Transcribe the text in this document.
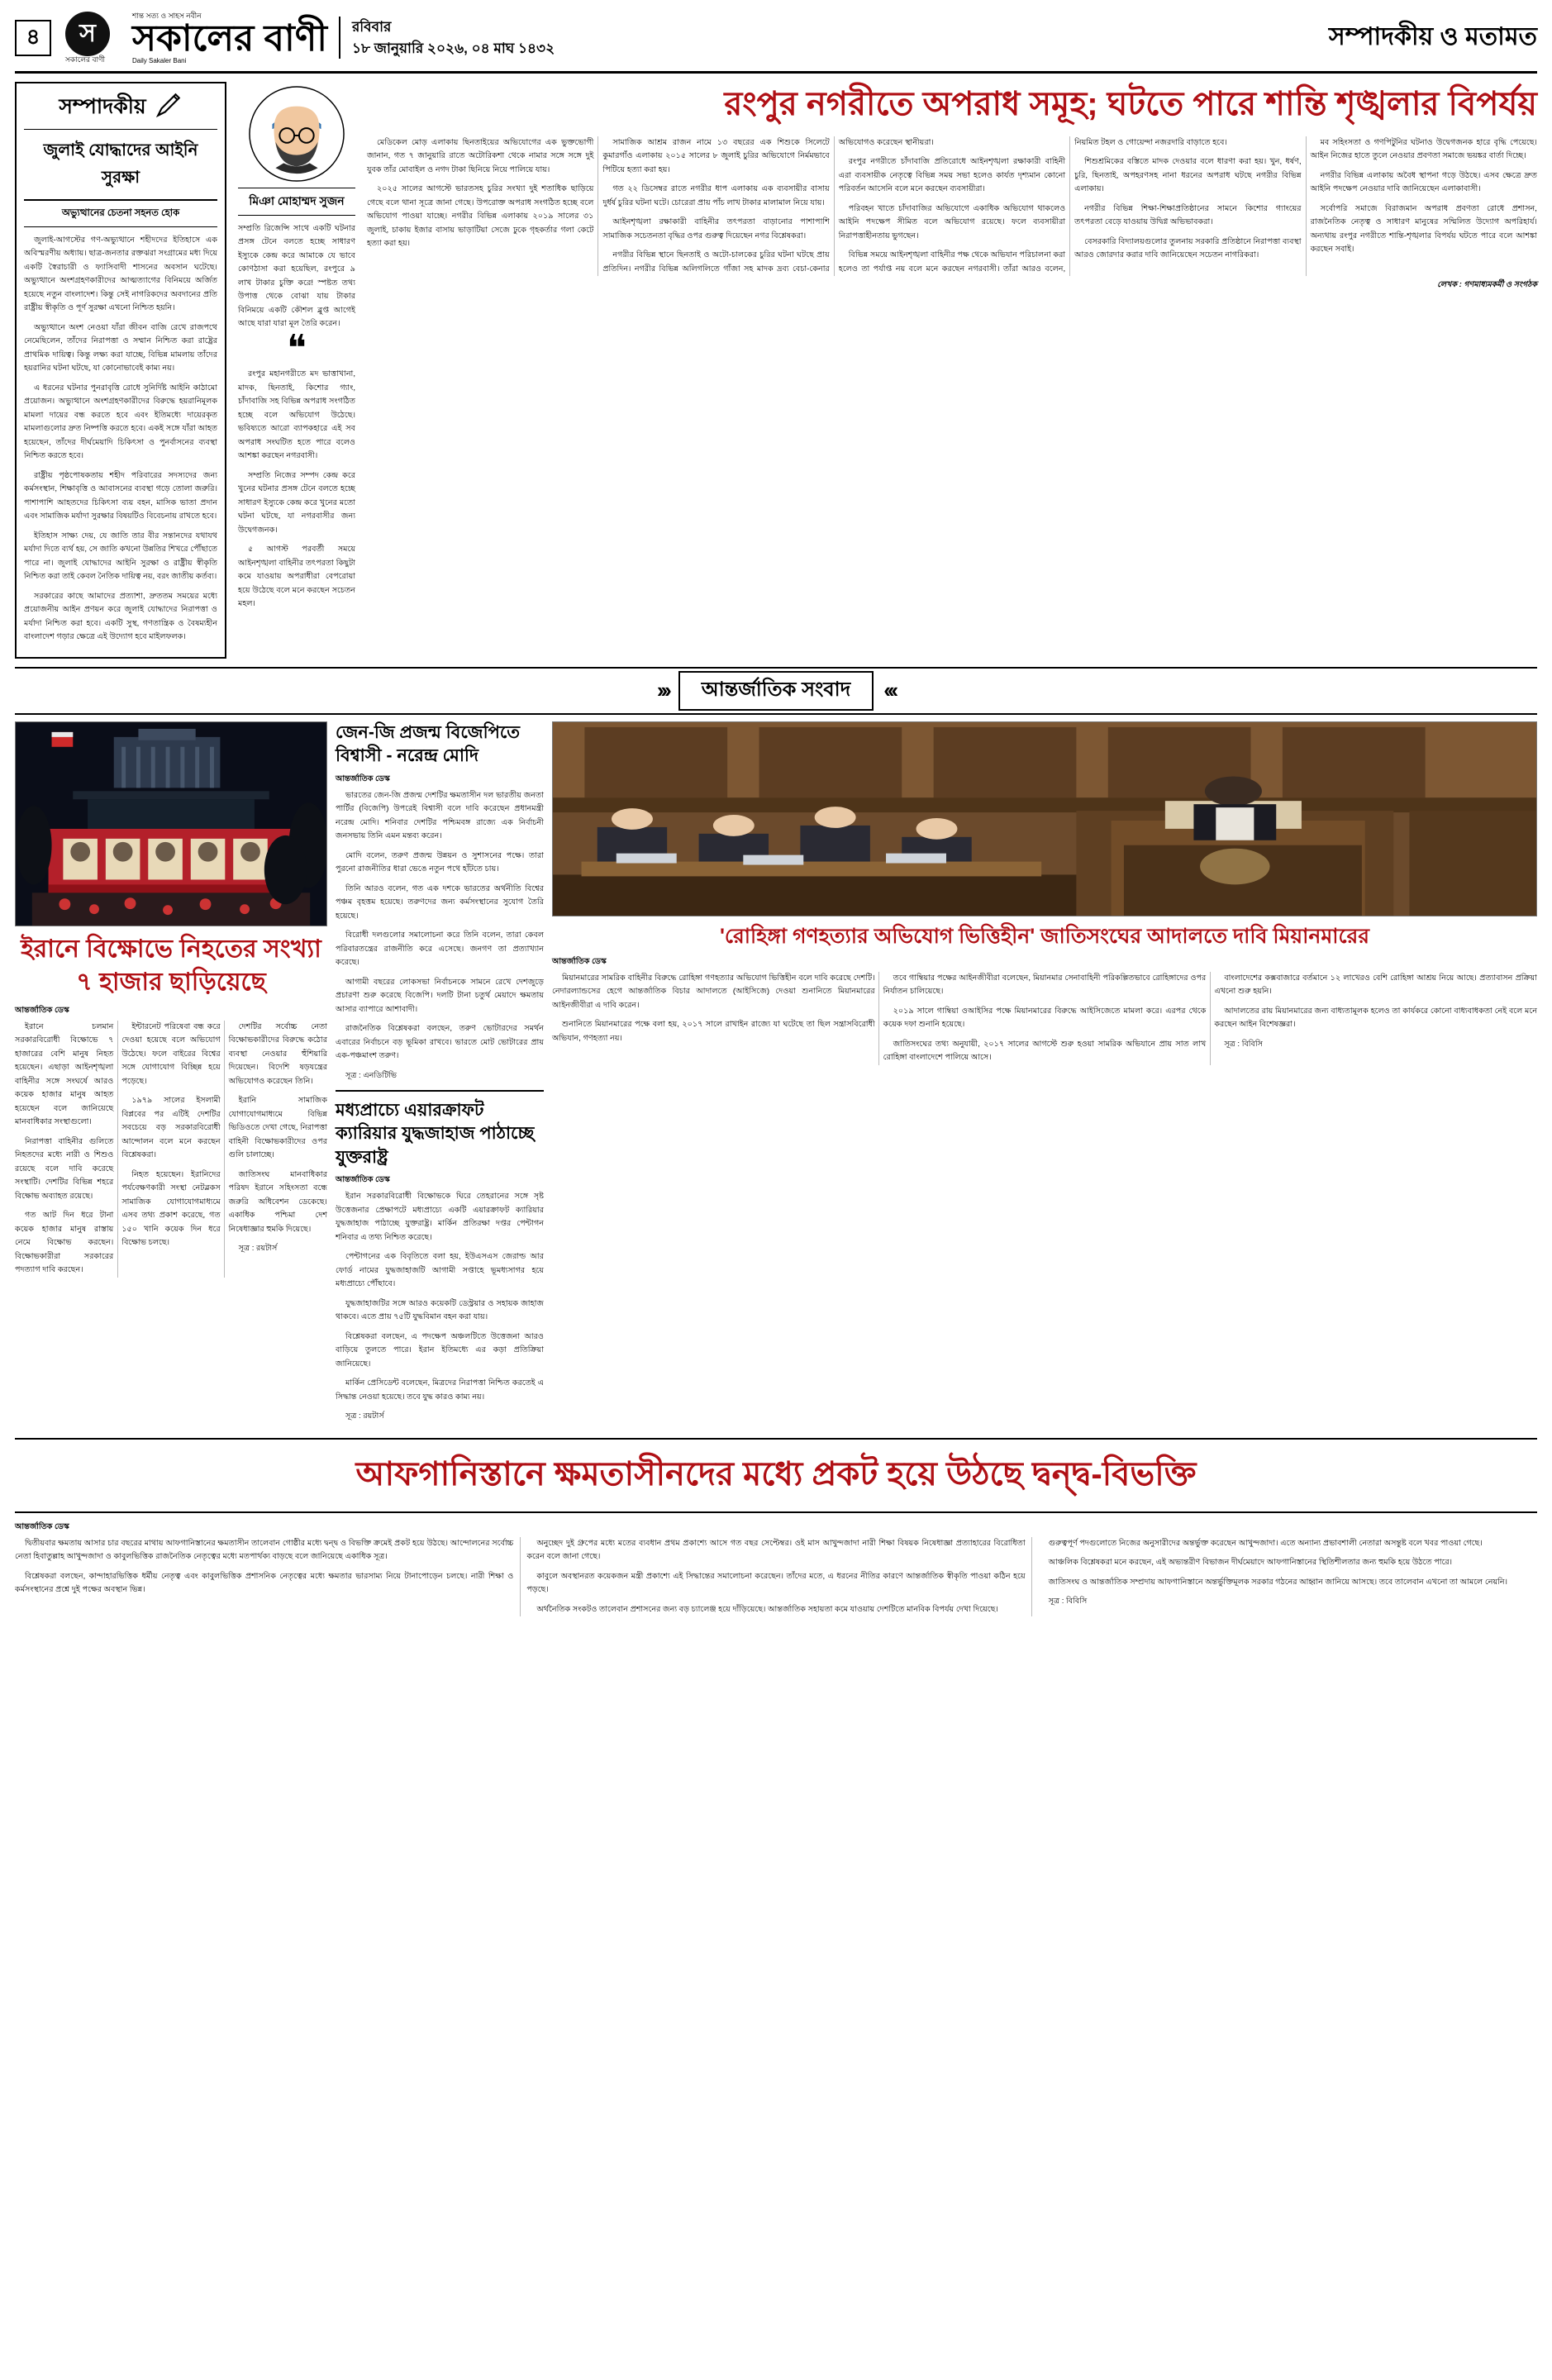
৪	স
সকালের বাণী
শান্ত সত্য ও সাহস নবীন
সকালের বাণী
Daily Sakaler Bani
রবিবার
১৮ জানুয়ারি ২০২৬, ০৪ মাঘ ১৪৩২	সম্পাদকীয় ও মতামত
সম্পাদকীয়
জুলাই যোদ্ধাদের আইনি সুরক্ষা
অভ্যুত্থানের চেতনা সহনত হোক

জুলাই-আগস্টের গণ-অভ্যুত্থানে শহীদদের ইতিহাসে এক অবিস্মরণীয় অধ্যায়। ছাত্র-জনতার রক্তঝরা সংগ্রামের মধ্য দিয়ে একটি স্বৈরাচারী ও ফ্যাসিবাদী শাসনের অবসান ঘটেছে। অভ্যুত্থানে অংশগ্রহণকারীদের আত্মত্যাগের বিনিময়ে অর্জিত হয়েছে নতুন বাংলাদেশ। কিন্তু সেই নাগরিকদের অবদানের প্রতি রাষ্ট্রীয় স্বীকৃতি ও পূর্ণ সুরক্ষা এখনো নিশ্চিত হয়নি।

অভ্যুত্থানে অংশ নেওয়া যাঁরা জীবন বাজি রেখে রাজপথে নেমেছিলেন, তাঁদের নিরাপত্তা ও সম্মান নিশ্চিত করা রাষ্ট্রের প্রাথমিক দায়িত্ব। কিন্তু লক্ষ্য করা যাচ্ছে, বিভিন্ন মামলায় তাঁদের হয়রানির ঘটনা ঘটছে, যা কোনোভাবেই কাম্য নয়।

এ ধরনের ঘটনার পুনরাবৃত্তি রোধে সুনির্দিষ্ট আইনি কাঠামো প্রয়োজন। অভ্যুত্থানে অংশগ্রহণকারীদের বিরুদ্ধে হয়রানিমূলক মামলা দায়ের বন্ধ করতে হবে এবং ইতিমধ্যে দায়েরকৃত মামলাগুলোর দ্রুত নিষ্পত্তি করতে হবে। একই সঙ্গে যাঁরা আহত হয়েছেন, তাঁদের দীর্ঘমেয়াদি চিকিৎসা ও পুনর্বাসনের ব্যবস্থা নিশ্চিত করতে হবে।

রাষ্ট্রীয় পৃষ্ঠপোষকতায় শহীদ পরিবারের সদস্যদের জন্য কর্মসংস্থান, শিক্ষাবৃত্তি ও আবাসনের ব্যবস্থা গড়ে তোলা জরুরি। পাশাপাশি আহতদের চিকিৎসা ব্যয় বহন, মাসিক ভাতা প্রদান এবং সামাজিক মর্যাদা সুরক্ষার বিষয়টিও বিবেচনায় রাখতে হবে।

ইতিহাস সাক্ষ্য দেয়, যে জাতি তার বীর সন্তানদের যথাযথ মর্যাদা দিতে ব্যর্থ হয়, সে জাতি কখনো উন্নতির শিখরে পৌঁছাতে পারে না। জুলাই যোদ্ধাদের আইনি সুরক্ষা ও রাষ্ট্রীয় স্বীকৃতি নিশ্চিত করা তাই কেবল নৈতিক দায়িত্ব নয়, বরং জাতীয় কর্তব্য।

সরকারের কাছে আমাদের প্রত্যাশা, দ্রুততম সময়ের মধ্যে প্রয়োজনীয় আইন প্রণয়ন করে জুলাই যোদ্ধাদের নিরাপত্তা ও মর্যাদা নিশ্চিত করা হবে। একটি সুস্থ, গণতান্ত্রিক ও বৈষম্যহীন বাংলাদেশ গড়ার ক্ষেত্রে এই উদ্যোগ হবে মাইলফলক।

মিঞা মোহাম্মদ সুজন
সম্প্রতি রিজেন্সি সাথে একটি ঘটনার প্রসঙ্গ টেনে বলতে হচ্ছে সাধারণ ইস্যুকে কেন্দ্র করে আমাকে যে ভাবে কোণঠাসা করা হয়েছিল, রংপুরে ৯ লাখ টাকার চুক্তি করে! স্পষ্টত তথ্য উপাত্ত থেকে বোঝা যায় টাকার বিনিময়ে একটি কৌশল ব্লুপ্ত আগেই আছে যারা যারা মূল তৈরি করেন।
❝

রংপুর মহানগরীতে মদ ভাত্তাখানা, মাদক, ছিনতাই, কিশোর গ্যাং, চাঁদাবাজি সহ বিভিন্ন অপরাধ সংগঠিত হচ্ছে বলে অভিযোগ উঠেছে। ভবিষ্যতে আরো ব্যাপকহারে এই সব অপরাধ সংঘটিত হতে পারে বলেও আশঙ্কা করছেন নগরবাসী।

সম্প্রতি নিজের সম্পদ কেন্দ্র করে খুনের ঘটনার প্রসঙ্গ টেনে বলতে হচ্ছে সাধারণ ইস্যুকে কেন্দ্র করে খুনের মতো ঘটনা ঘটছে, যা নগরবাসীর জন্য উদ্বেগজনক।

৫ আগস্ট পরবর্তী সময়ে আইনশৃঙ্খলা বাহিনীর তৎপরতা কিছুটা কমে যাওয়ায় অপরাধীরা বেপরোয়া হয়ে উঠেছে বলে মনে করছেন সচেতন মহল।

রংপুর নগরীতে অপরাধ সমূহ; ঘটতে পারে শান্তি শৃঙ্খলার বিপর্যয়

মেডিকেল মোড় এলাকায় ছিনতাইয়ের অভিযোগের এক ভুক্তভোগী জানান, গত ৭ জানুয়ারি রাতে অটোরিকশা থেকে নামার সঙ্গে সঙ্গে দুই যুবক তাঁর মোবাইল ও নগদ টাকা ছিনিয়ে নিয়ে পালিয়ে যায়।

২০২৫ সালের আগস্টে ভারতসহ চুরির সংখ্যা দুই শতাধিক ছাড়িয়ে গেছে বলে থানা সূত্রে জানা গেছে। উপরোক্ত অপরাধ সংগঠিত হচ্ছে বলে অভিযোগ পাওয়া যাচ্ছে। নগরীর বিভিন্ন এলাকায় ২০১৯ সালের ৩১ জুলাই, চাকায় ইজার বাসায় ভাড়াটিয়া সেজে ঢুকে গৃহকর্তার গলা কেটে হত্যা করা হয়।

সামাজিক আশ্রম রাজন নামে ১৩ বছরের এক শিশুকে সিলেটে কুমারগাঁও এলাকায় ২০১৫ সালের ৮ জুলাই চুরির অভিযোগে নির্মমভাবে পিটিয়ে হত্যা করা হয়।

গত ২২ ডিসেম্বর রাতে নগরীর ধাপ এলাকায় এক ব্যবসায়ীর বাসায় দুর্ধর্ষ চুরির ঘটনা ঘটে। চোরেরা প্রায় পাঁচ লাখ টাকার মালামাল নিয়ে যায়।

আইনশৃঙ্খলা রক্ষাকারী বাহিনীর তৎপরতা বাড়ানোর পাশাপাশি সামাজিক সচেতনতা বৃদ্ধির ওপর গুরুত্ব দিয়েছেন নগর বিশ্লেষকরা।

নগরীর বিভিন্ন স্থানে ছিনতাই ও অটো-চালকের চুরির ঘটনা ঘটছে প্রায় প্রতিদিন। নগরীর বিভিন্ন অলিগলিতে গাঁজা সহ মাদক দ্রব্য বেচা-কেনার অভিযোগও করেছেন স্থানীয়রা।

রংপুর নগরীতে চাঁদাবাজি প্রতিরোধে আইনশৃঙ্খলা রক্ষাকারী বাহিনী এরা ব্যবসায়ীক নেতৃত্বে বিভিন্ন সময় সভা হলেও কার্যত দৃশ্যমান কোনো পরিবর্তন আসেনি বলে মনে করছেন ব্যবসায়ীরা।

পরিবহন খাতে চাঁদাবাজির অভিযোগে একাধিক অভিযোগ থাকলেও আইনি পদক্ষেপ সীমিত বলে অভিযোগ রয়েছে। ফলে ব্যবসায়ীরা নিরাপত্তাহীনতায় ভুগছেন।

বিভিন্ন সময়ে আইনশৃঙ্খলা বাহিনীর পক্ষ থেকে অভিযান পরিচালনা করা হলেও তা পর্যাপ্ত নয় বলে মনে করছেন নগরবাসী। তাঁরা আরও বলেন, নিয়মিত টহল ও গোয়েন্দা নজরদারি বাড়াতে হবে।

শিশুশ্রমিকের বস্তিতে মাদক দেওয়ার বলে ধারণা করা হয়। খুন, ধর্ষণ, চুরি, ছিনতাই, অপহরণসহ নানা ধরনের অপরাধ ঘটছে নগরীর বিভিন্ন এলাকায়।

নগরীর বিভিন্ন শিক্ষা-শিক্ষাপ্রতিষ্ঠানের সামনে কিশোর গ্যাংয়ের তৎপরতা বেড়ে যাওয়ায় উদ্বিগ্ন অভিভাবকরা।

বেসরকারি বিদ্যালয়গুলোর তুলনায় সরকারি প্রতিষ্ঠানে নিরাপত্তা ব্যবস্থা আরও জোরদার করার দাবি জানিয়েছেন সচেতন নাগরিকরা।

মব সহিংসতা ও গণপিটুনির ঘটনাও উদ্বেগজনক হারে বৃদ্ধি পেয়েছে। আইন নিজের হাতে তুলে নেওয়ার প্রবণতা সমাজে ভয়ঙ্কর বার্তা দিচ্ছে।

নগরীর বিভিন্ন এলাকায় অবৈধ স্থাপনা গড়ে উঠছে। এসব ক্ষেত্রে দ্রুত আইনি পদক্ষেপ নেওয়ার দাবি জানিয়েছেন এলাকাবাসী।

সর্বোপরি সমাজে বিরাজমান অপরাধ প্রবণতা রোধে প্রশাসন, রাজনৈতিক নেতৃত্ব ও সাধারণ মানুষের সম্মিলিত উদ্যোগ অপরিহার্য। অন্যথায় রংপুর নগরীতে শান্তি-শৃঙ্খলার বিপর্যয় ঘটতে পারে বলে আশঙ্কা করছেন সবাই।

লেখক : গণমাধ্যমকর্মী ও সংগঠক
›››	আন্তর্জাতিক সংবাদ	‹‹‹
ইরানে বিক্ষোভে নিহতের সংখ্যা ৭ হাজার ছাড়িয়েছে
আন্তর্জাতিক ডেস্ক

ইরানে চলমান সরকারবিরোধী বিক্ষোভে ৭ হাজারের বেশি মানুষ নিহত হয়েছেন। এছাড়া আইনশৃঙ্খলা বাহিনীর সঙ্গে সংঘর্ষে আরও কয়েক হাজার মানুষ আহত হয়েছেন বলে জানিয়েছে মানবাধিকার সংস্থাগুলো।

নিরাপত্তা বাহিনীর গুলিতে নিহতদের মধ্যে নারী ও শিশুও রয়েছে বলে দাবি করেছে সংস্থাটি। দেশটির বিভিন্ন শহরে বিক্ষোভ অব্যাহত রয়েছে।

গত আট দিন ধরে টানা কয়েক হাজার মানুষ রাস্তায় নেমে বিক্ষোভ করছেন। বিক্ষোভকারীরা সরকারের পদত্যাগ দাবি করছেন।

ইন্টারনেট পরিষেবা বন্ধ করে দেওয়া হয়েছে বলে অভিযোগ উঠেছে। ফলে বাইরের বিশ্বের সঙ্গে যোগাযোগ বিচ্ছিন্ন হয়ে পড়েছে।

১৯৭৯ সালের ইসলামী বিপ্লবের পর এটিই দেশটির সবচেয়ে বড় সরকারবিরোধী আন্দোলন বলে মনে করছেন বিশ্লেষকরা।

নিহত হয়েছেন। ইরানিদের পর্যবেক্ষণকারী সংস্থা নেটব্লকস সামাজিক যোগাযোগমাধ্যমে এসব তথ্য প্রকাশ করেছে, গত ১৫০ খানি কয়েক দিন ধরে বিক্ষোভ চলছে।

দেশটির সর্বোচ্চ নেতা বিক্ষোভকারীদের বিরুদ্ধে কঠোর ব্যবস্থা নেওয়ার হুঁশিয়ারি দিয়েছেন। বিদেশি ষড়যন্ত্রের অভিযোগও করেছেন তিনি।

ইরানি সামাজিক যোগাযোগমাধ্যমে বিভিন্ন ভিডিওতে দেখা গেছে, নিরাপত্তা বাহিনী বিক্ষোভকারীদের ওপর গুলি চালাচ্ছে।

জাতিসংঘ মানবাধিকার পরিষদ ইরানে সহিংসতা বন্ধে জরুরি অধিবেশন ডেকেছে। একাধিক পশ্চিমা দেশ নিষেধাজ্ঞার হুমকি দিয়েছে।

সূত্র : রয়টার্স

জেন-জি প্রজন্ম বিজেপিতে বিশ্বাসী - নরেন্দ্র মোদি
আন্তর্জাতিক ডেস্ক

ভারতের জেন-জি প্রজন্ম দেশটির ক্ষমতাসীন দল ভারতীয় জনতা পার্টির (বিজেপি) উপরেই বিশ্বাসী বলে দাবি করেছেন প্রধানমন্ত্রী নরেন্দ্র মোদি। শনিবার দেশটির পশ্চিমবঙ্গ রাজ্যে এক নির্বাচনী জনসভায় তিনি এমন মন্তব্য করেন।

মোদি বলেন, তরুণ প্রজন্ম উন্নয়ন ও সুশাসনের পক্ষে। তারা পুরনো রাজনীতির ধারা ভেঙে নতুন পথে হাঁটতে চায়।

তিনি আরও বলেন, গত এক দশকে ভারতের অর্থনীতি বিশ্বের পঞ্চম বৃহত্তম হয়েছে। তরুণদের জন্য কর্মসংস্থানের সুযোগ তৈরি হয়েছে।

বিরোধী দলগুলোর সমালোচনা করে তিনি বলেন, তারা কেবল পরিবারতন্ত্রের রাজনীতি করে এসেছে। জনগণ তা প্রত্যাখ্যান করেছে।

আগামী বছরের লোকসভা নির্বাচনকে সামনে রেখে দেশজুড়ে প্রচারণা শুরু করেছে বিজেপি। দলটি টানা চতুর্থ মেয়াদে ক্ষমতায় আসার ব্যাপারে আশাবাদী।

রাজনৈতিক বিশ্লেষকরা বলছেন, তরুণ ভোটারদের সমর্থন এবারের নির্বাচনে বড় ভূমিকা রাখবে। ভারতে মোট ভোটারের প্রায় এক-পঞ্চমাংশ তরুণ।

সূত্র : এনডিটিভি

মধ্যপ্রাচ্যে এয়ারক্রাফট ক্যারিয়ার যুদ্ধজাহাজ পাঠাচ্ছে যুক্তরাষ্ট্র
আন্তর্জাতিক ডেস্ক

ইরান সরকারবিরোধী বিক্ষোভকে ঘিরে তেহরানের সঙ্গে সৃষ্ট উত্তেজনার প্রেক্ষাপটে মধ্যপ্রাচ্যে একটি এয়ারক্রাফট ক্যারিয়ার যুদ্ধজাহাজ পাঠাচ্ছে যুক্তরাষ্ট্র। মার্কিন প্রতিরক্ষা দপ্তর পেন্টাগন শনিবার এ তথ্য নিশ্চিত করেছে।

পেন্টাগনের এক বিবৃতিতে বলা হয়, ইউএসএস জেরাল্ড আর ফোর্ড নামের যুদ্ধজাহাজটি আগামী সপ্তাহে ভূমধ্যসাগর হয়ে মধ্যপ্রাচ্যে পৌঁছাবে।

যুদ্ধজাহাজটির সঙ্গে আরও কয়েকটি ডেস্ট্রয়ার ও সহায়ক জাহাজ থাকবে। এতে প্রায় ৭৫টি যুদ্ধবিমান বহন করা যায়।

বিশ্লেষকরা বলছেন, এ পদক্ষেপ অঞ্চলটিতে উত্তেজনা আরও বাড়িয়ে তুলতে পারে। ইরান ইতিমধ্যে এর কড়া প্রতিক্রিয়া জানিয়েছে।

মার্কিন প্রেসিডেন্ট বলেছেন, মিত্রদের নিরাপত্তা নিশ্চিত করতেই এ সিদ্ধান্ত নেওয়া হয়েছে। তবে যুদ্ধ কারও কাম্য নয়।

সূত্র : রয়টার্স

'রোহিঙ্গা গণহত্যার অভিযোগ ভিত্তিহীন' জাতিসংঘের আদালতে দাবি মিয়ানমারের
আন্তর্জাতিক ডেস্ক

মিয়ানমারের সামরিক বাহিনীর বিরুদ্ধে রোহিঙ্গা গণহত্যার অভিযোগ ভিত্তিহীন বলে দাবি করেছে দেশটি। নেদারল্যান্ডসের হেগে আন্তর্জাতিক বিচার আদালতে (আইসিজে) দেওয়া শুনানিতে মিয়ানমারের আইনজীবীরা এ দাবি করেন।

শুনানিতে মিয়ানমারের পক্ষে বলা হয়, ২০১৭ সালে রাখাইন রাজ্যে যা ঘটেছে তা ছিল সন্ত্রাসবিরোধী অভিযান, গণহত্যা নয়।

তবে গাম্বিয়ার পক্ষের আইনজীবীরা বলেছেন, মিয়ানমার সেনাবাহিনী পরিকল্পিতভাবে রোহিঙ্গাদের ওপর নির্যাতন চালিয়েছে।

২০১৯ সালে গাম্বিয়া ওআইসির পক্ষে মিয়ানমারের বিরুদ্ধে আইসিজেতে মামলা করে। এরপর থেকে কয়েক দফা শুনানি হয়েছে।

জাতিসংঘের তথ্য অনুযায়ী, ২০১৭ সালের আগস্টে শুরু হওয়া সামরিক অভিযানে প্রায় সাত লাখ রোহিঙ্গা বাংলাদেশে পালিয়ে আসে।

বাংলাদেশের কক্সবাজারে বর্তমানে ১২ লাখেরও বেশি রোহিঙ্গা আশ্রয় নিয়ে আছে। প্রত্যাবাসন প্রক্রিয়া এখনো শুরু হয়নি।

আদালতের রায় মিয়ানমারের জন্য বাধ্যতামূলক হলেও তা কার্যকরে কোনো বাধ্যবাধকতা নেই বলে মনে করছেন আইন বিশেষজ্ঞরা।

সূত্র : বিবিসি

আফগানিস্তানে ক্ষমতাসীনদের মধ্যে প্রকট হয়ে উঠছে দ্বন্দ্ব-বিভক্তি
আন্তর্জাতিক ডেস্ক

দ্বিতীয়বার ক্ষমতায় আসার চার বছরের মাথায় আফগানিস্তানের ক্ষমতাসীন তালেবান গোষ্ঠীর মধ্যে দ্বন্দ্ব ও বিভক্তি ক্রমেই প্রকট হয়ে উঠছে। আন্দোলনের সর্বোচ্চ নেতা হিবাতুল্লাহ আখুন্দজাদা ও কাবুলভিত্তিক রাজনৈতিক নেতৃত্বের মধ্যে মতপার্থক্য বাড়ছে বলে জানিয়েছে একাধিক সূত্র।

বিশ্লেষকরা বলছেন, কান্দাহারভিত্তিক ধর্মীয় নেতৃত্ব এবং কাবুলভিত্তিক প্রশাসনিক নেতৃত্বের মধ্যে ক্ষমতার ভারসাম্য নিয়ে টানাপোড়েন চলছে। নারী শিক্ষা ও কর্মসংস্থানের প্রশ্নে দুই পক্ষের অবস্থান ভিন্ন।

অনুচ্ছেদ দুই গ্রুপের মধ্যে মতের ব্যবধান প্রথম প্রকাশ্যে আসে গত বছর সেপ্টেম্বর। ওই মাস আখুন্দজাদা নারী শিক্ষা বিষয়ক নিষেধাজ্ঞা প্রত্যাহারের বিরোধিতা করেন বলে জানা গেছে।

কাবুলে অবস্থানরত কয়েকজন মন্ত্রী প্রকাশ্যে এই সিদ্ধান্তের সমালোচনা করেছেন। তাঁদের মতে, এ ধরনের নীতির কারণে আন্তর্জাতিক স্বীকৃতি পাওয়া কঠিন হয়ে পড়ছে।

অর্থনৈতিক সংকটও তালেবান প্রশাসনের জন্য বড় চ্যালেঞ্জ হয়ে দাঁড়িয়েছে। আন্তর্জাতিক সহায়তা কমে যাওয়ায় দেশটিতে মানবিক বিপর্যয় দেখা দিয়েছে।

গুরুত্বপূর্ণ পদগুলোতে নিজের অনুসারীদের অন্তর্ভুক্ত করেছেন আখুন্দজাদা। এতে অন্যান্য প্রভাবশালী নেতারা অসন্তুষ্ট বলে খবর পাওয়া গেছে।

আঞ্চলিক বিশ্লেষকরা মনে করছেন, এই অভ্যন্তরীণ বিভাজন দীর্ঘমেয়াদে আফগানিস্তানের স্থিতিশীলতার জন্য হুমকি হয়ে উঠতে পারে।

জাতিসংঘ ও আন্তর্জাতিক সম্প্রদায় আফগানিস্তানে অন্তর্ভুক্তিমূলক সরকার গঠনের আহ্বান জানিয়ে আসছে। তবে তালেবান এখনো তা আমলে নেয়নি।

সূত্র : বিবিসি
